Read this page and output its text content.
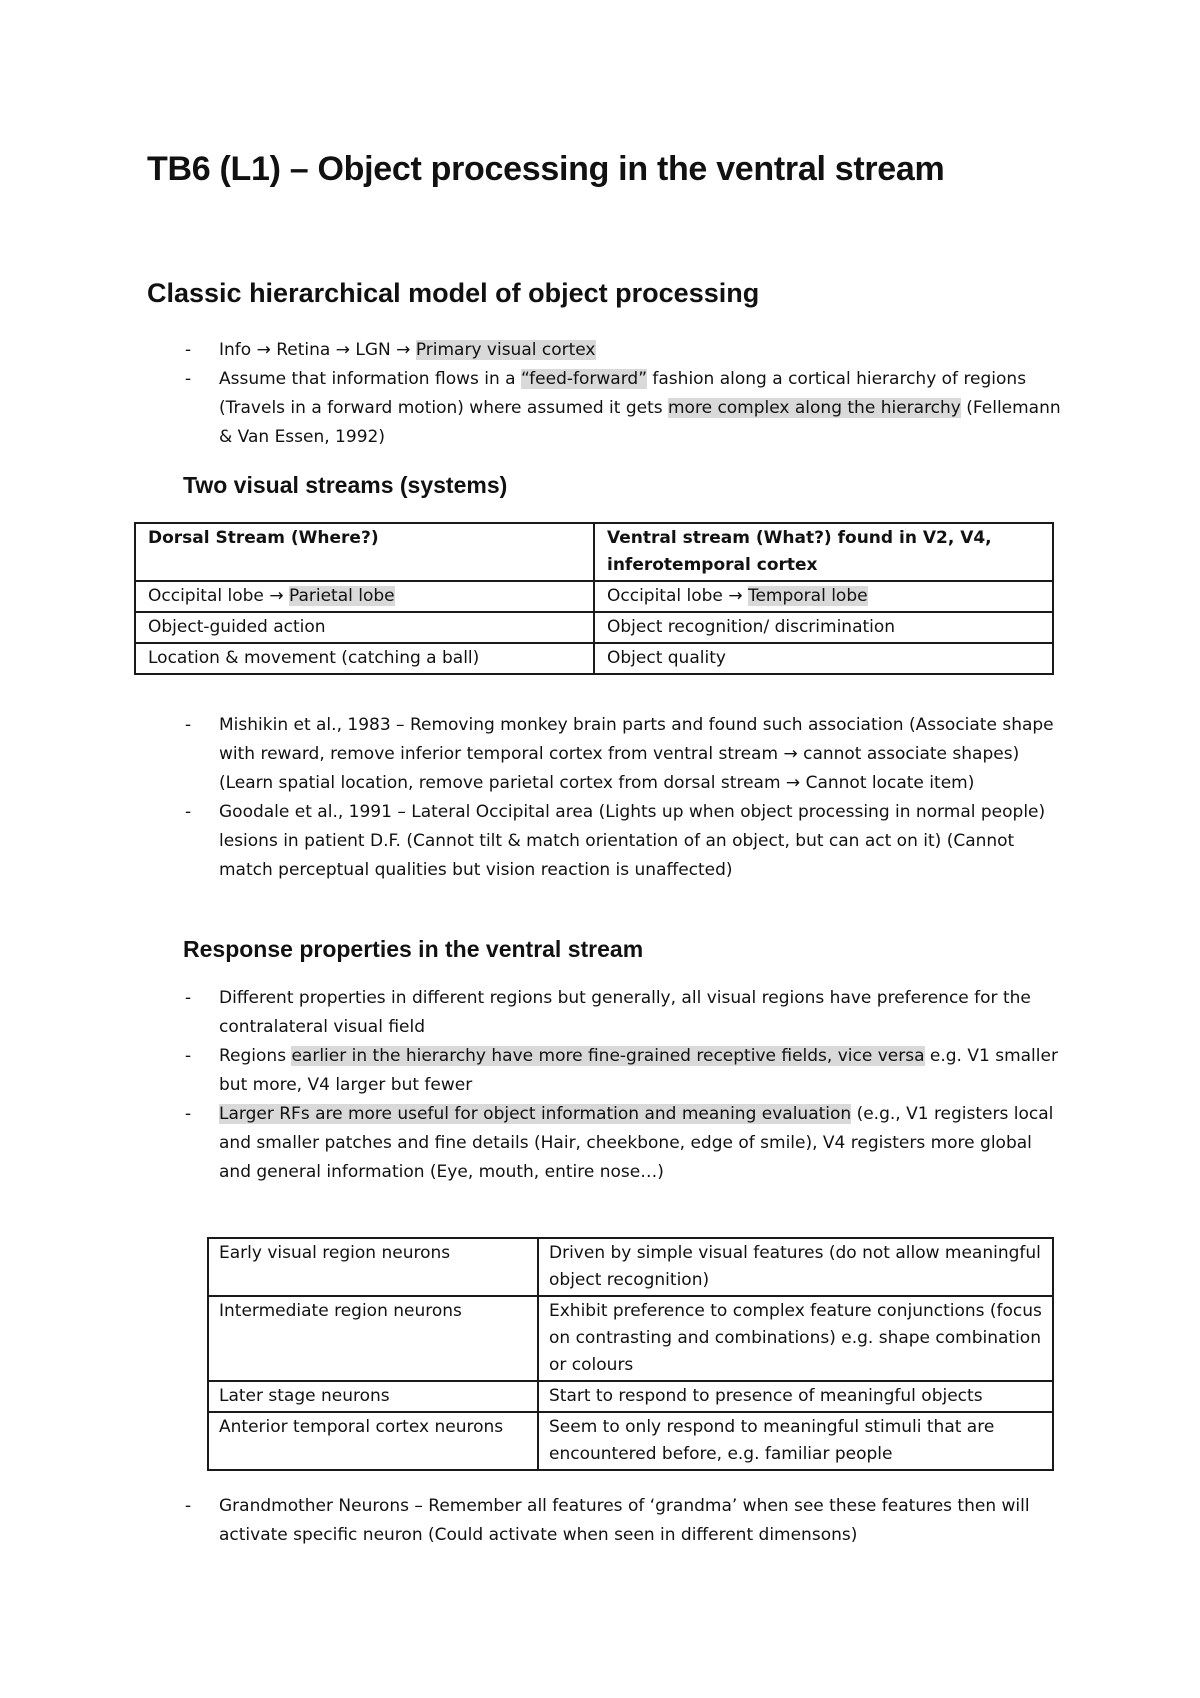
TB6 (L1) – Object processing in the ventral stream
Classic hierarchical model of object processing
- Info → Retina → LGN → Primary visual cortex
- Assume that information flows in a “feed-forward” fashion along a cortical hierarchy of regions (Travels in a forward motion) where assumed it gets more complex along the hierarchy (Fellemann & Van Essen, 1992)
Two visual streams (systems)
Dorsal Stream (Where?)	Ventral stream (What?) found in V2, V4, inferotemporal cortex
Occipital lobe → Parietal lobe	Occipital lobe → Temporal lobe
Object-guided action	Object recognition/ discrimination
Location & movement (catching a ball)	Object quality
- Mishikin et al., 1983 – Removing monkey brain parts and found such association (Associate shape with reward, remove inferior temporal cortex from ventral stream → cannot associate shapes) (Learn spatial location, remove parietal cortex from dorsal stream → Cannot locate item)
- Goodale et al., 1991 – Lateral Occipital area (Lights up when object processing in normal people) lesions in patient D.F. (Cannot tilt & match orientation of an object, but can act on it) (Cannot match perceptual qualities but vision reaction is unaffected)
Response properties in the ventral stream
- Different properties in different regions but generally, all visual regions have preference for the contralateral visual field
- Regions earlier in the hierarchy have more fine-grained receptive fields, vice versa e.g. V1 smaller but more, V4 larger but fewer
- Larger RFs are more useful for object information and meaning evaluation (e.g., V1 registers local and smaller patches and fine details (Hair, cheekbone, edge of smile), V4 registers more global and general information (Eye, mouth, entire nose…)
Early visual region neurons	Driven by simple visual features (do not allow meaningful object recognition)
Intermediate region neurons	Exhibit preference to complex feature conjunctions (focus on contrasting and combinations) e.g. shape combination or colours
Later stage neurons	Start to respond to presence of meaningful objects
Anterior temporal cortex neurons	Seem to only respond to meaningful stimuli that are encountered before, e.g. familiar people
- Grandmother Neurons – Remember all features of ‘grandma’ when see these features then will activate specific neuron (Could activate when seen in different dimensons)
